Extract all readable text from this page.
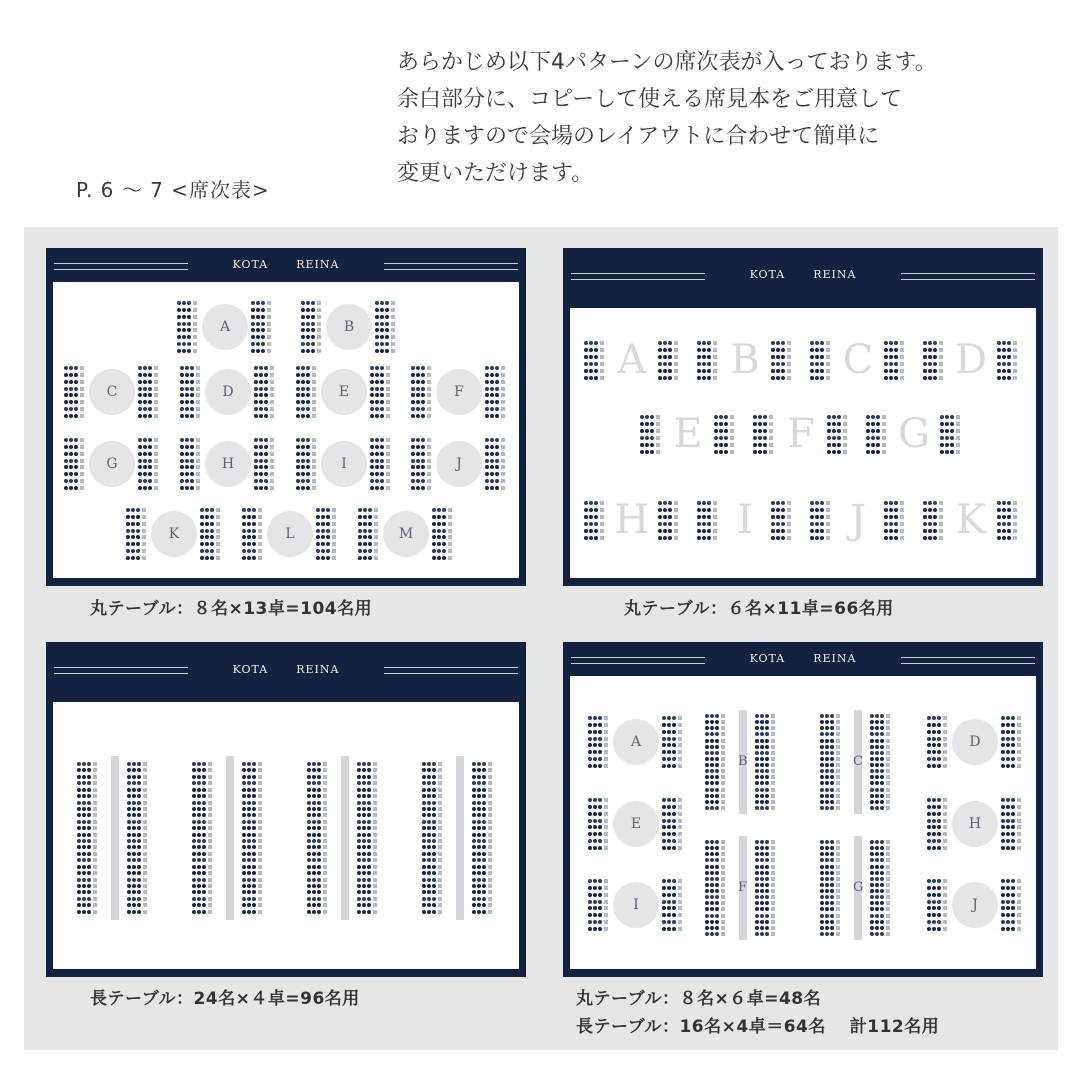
あらかじめ以下4パターンの席次表が入っております。
余白部分に、コピーして使える席見本をご用意して
おりますので会場のレイアウトに合わせて簡単に
変更いただけます。
P. 6 ～ 7 <席次表>
KOTA	REINA
A	B
C	D	E	F
G	H	I	J
K	L	M
丸テーブル：８名×13卓=104名用
KOTA	REINA
A B C D
E F G
H	I	J	K
丸テーブル：６名×11卓=66名用
KOTA	REINA
長テーブル：24名×４卓=96名用
KOTA	REINA
A	D
E	H
I	J
B	C
F	G
丸テーブル：８名×６卓=48名
長テーブル：16名×4卓＝64名　 計112名用
